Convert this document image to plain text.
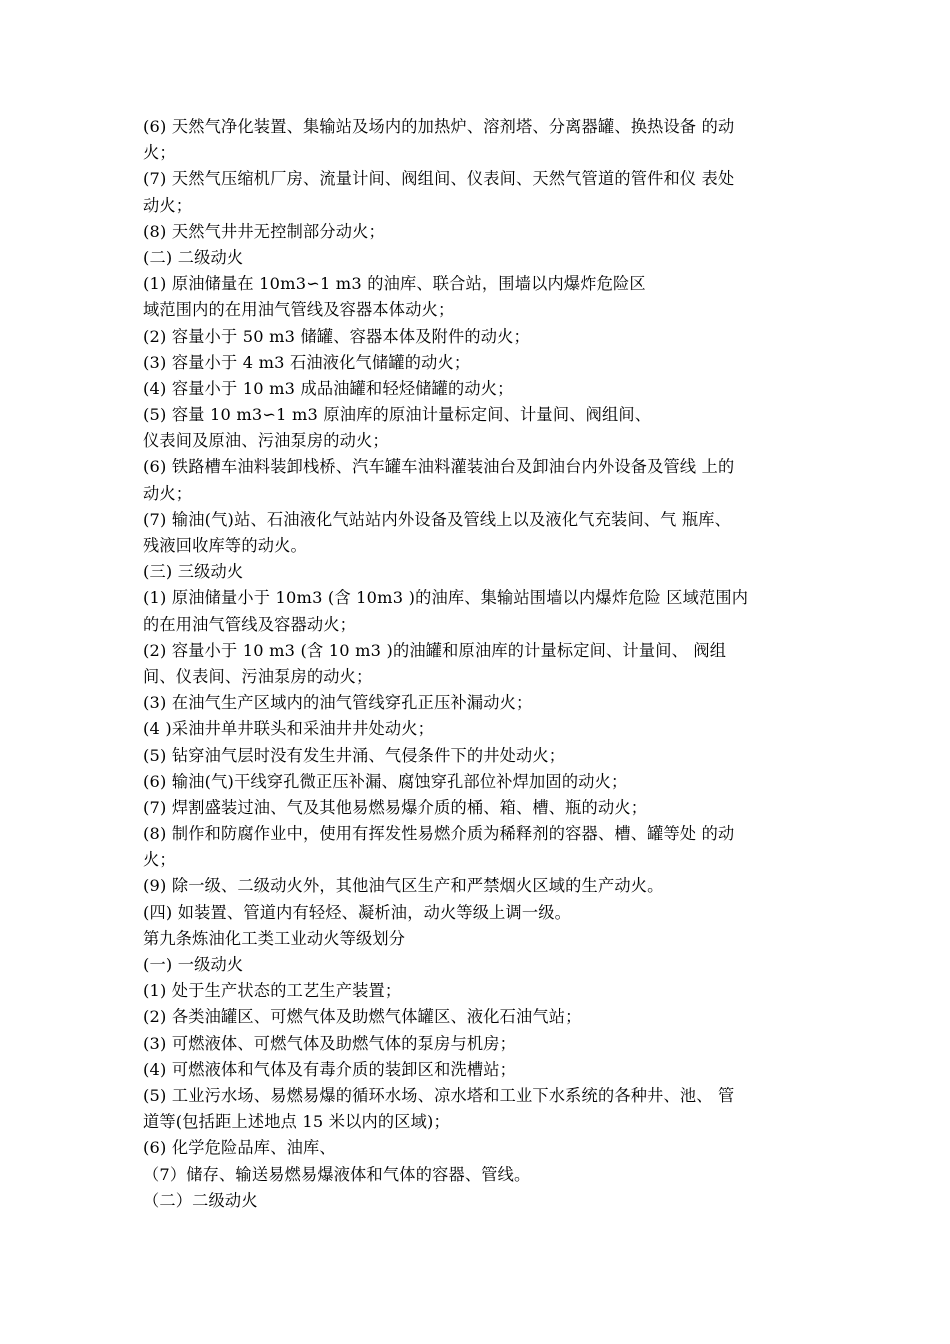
(6) 天然气净化装置、集输站及场内的加热炉、溶剂塔、分离器罐、换热设备 的动
火；
(7) 天然气压缩机厂房、流量计间、阀组间、仪表间、天然气管道的管件和仪 表处
动火；
(8) 天然气井井无控制部分动火；
(二) 二级动火
(1) 原油储量在 10m3∽1 m3 的油库、联合站，围墙以内爆炸危险区
域范围内的在用油气管线及容器本体动火；
(2) 容量小于 50 m3 储罐、容器本体及附件的动火；
(3) 容量小于 4 m3 石油液化气储罐的动火；
(4) 容量小于 10 m3 成品油罐和轻烃储罐的动火；
(5) 容量 10 m3∽1 m3 原油库的原油计量标定间、计量间、阀组间、
仪表间及原油、污油泵房的动火；
(6) 铁路槽车油料装卸栈桥、汽车罐车油料灌装油台及卸油台内外设备及管线 上的
动火；
(7) 输油(气)站、石油液化气站站内外设备及管线上以及液化气充装间、气 瓶库、
残液回收库等的动火。
(三) 三级动火
(1) 原油储量小于 10m3 (含 10m3 )的油库、集输站围墙以内爆炸危险 区域范围内
的在用油气管线及容器动火；
(2) 容量小于 10 m3 (含 10 m3 )的油罐和原油库的计量标定间、计量间、 阀组
间、仪表间、污油泵房的动火；
(3) 在油气生产区域内的油气管线穿孔正压补漏动火；
(4 )采油井单井联头和采油井井处动火；
(5) 钻穿油气层时没有发生井涌、气侵条件下的井处动火；
(6) 输油(气)干线穿孔微正压补漏、腐蚀穿孔部位补焊加固的动火；
(7) 焊割盛装过油、气及其他易燃易爆介质的桶、箱、槽、瓶的动火；
(8) 制作和防腐作业中，使用有挥发性易燃介质为稀释剂的容器、槽、罐等处 的动
火；
(9) 除一级、二级动火外，其他油气区生产和严禁烟火区域的生产动火。
(四) 如装置、管道内有轻烃、凝析油，动火等级上调一级。
第九条炼油化工类工业动火等级划分
(一) 一级动火
(1) 处于生产状态的工艺生产装置；
(2) 各类油罐区、可燃气体及助燃气体罐区、液化石油气站；
(3) 可燃液体、可燃气体及助燃气体的泵房与机房；
(4) 可燃液体和气体及有毒介质的装卸区和洗槽站；
(5) 工业污水场、易燃易爆的循环水场、凉水塔和工业下水系统的各种井、池、 管
道等(包括距上述地点 15 米以内的区域)；
(6) 化学危险品库、油库、
（7）储存、输送易燃易爆液体和气体的容器、管线。
（二）二级动火
